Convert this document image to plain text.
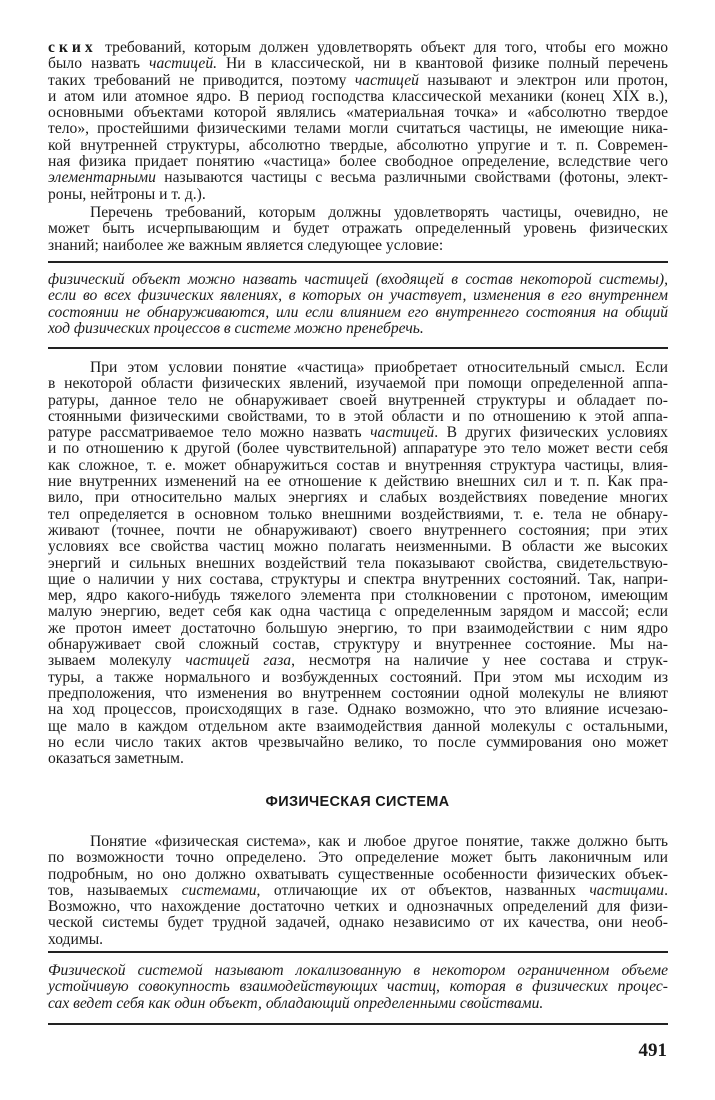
ских требований, которым должен удовлетворять объект для того, чтобы его можно
было назвать частицей. Ни в классической, ни в квантовой физике полный перечень
таких требований не приводится, поэтому частицей называют и электрон или протон,
и атом или атомное ядро. В период господства классической механики (конец XIX в.),
основными объектами которой являлись «материальная точка» и «абсолютно твердое
тело», простейшими физическими телами могли считаться частицы, не имеющие ника-
кой внутренней структуры, абсолютно твердые, абсолютно упругие и т. п. Современ-
ная физика придает понятию «частица» более свободное определение, вследствие чего
элементарными называются частицы с весьма различными свойствами (фотоны, элект-
роны, нейтроны и т. д.).
Перечень требований, которым должны удовлетворять частицы, очевидно, не
может быть исчерпывающим и будет отражать определенный уровень физических
знаний; наиболее же важным является следующее условие:
физический объект можно назвать частицей (входящей в состав некоторой системы),
если во всех физических явлениях, в которых он участвует, изменения в его внутреннем
состоянии не обнаруживаются, или если влиянием его внутреннего состояния на общий
ход физических процессов в системе можно пренебречь.
При этом условии понятие «частица» приобретает относительный смысл. Если
в некоторой области физических явлений, изучаемой при помощи определенной аппа-
ратуры, данное тело не обнаруживает своей внутренней структуры и обладает по-
стоянными физическими свойствами, то в этой области и по отношению к этой аппа-
ратуре рассматриваемое тело можно назвать частицей. В других физических условиях
и по отношению к другой (более чувствительной) аппаратуре это тело может вести себя
как сложное, т. е. может обнаружиться состав и внутренняя структура частицы, влия-
ние внутренних изменений на ее отношение к действию внешних сил и т. п. Как пра-
вило, при относительно малых энергиях и слабых воздействиях поведение многих
тел определяется в основном только внешними воздействиями, т. е. тела не обнару-
живают (точнее, почти не обнаруживают) своего внутреннего состояния; при этих
условиях все свойства частиц можно полагать неизменными. В области же высоких
энергий и сильных внешних воздействий тела показывают свойства, свидетельствую-
щие о наличии у них состава, структуры и спектра внутренних состояний. Так, напри-
мер, ядро какого-нибудь тяжелого элемента при столкновении с протоном, имеющим
малую энергию, ведет себя как одна частица с определенным зарядом и массой; если
же протон имеет достаточно большую энергию, то при взаимодействии с ним ядро
обнаруживает свой сложный состав, структуру и внутреннее состояние. Мы на-
зываем молекулу частицей газа, несмотря на наличие у нее состава и струк-
туры, а также нормального и возбужденных состояний. При этом мы исходим из
предположения, что изменения во внутреннем состоянии одной молекулы не влияют
на ход процессов, происходящих в газе. Однако возможно, что это влияние исчезаю-
ще мало в каждом отдельном акте взаимодействия данной молекулы с остальными,
но если число таких актов чрезвычайно велико, то после суммирования оно может
оказаться заметным.
ФИЗИЧЕСКАЯ СИСТЕМА
Понятие «физическая система», как и любое другое понятие, также должно быть
по возможности точно определено. Это определение может быть лаконичным или
подробным, но оно должно охватывать существенные особенности физических объек-
тов, называемых системами, отличающие их от объектов, названных частицами.
Возможно, что нахождение достаточно четких и однозначных определений для физи-
ческой системы будет трудной задачей, однако независимо от их качества, они необ-
ходимы.
Физической системой называют локализованную в некотором ограниченном объеме
устойчивую совокупность взаимодействующих частиц, которая в физических процес-
сах ведет себя как один объект, обладающий определенными свойствами.
491
